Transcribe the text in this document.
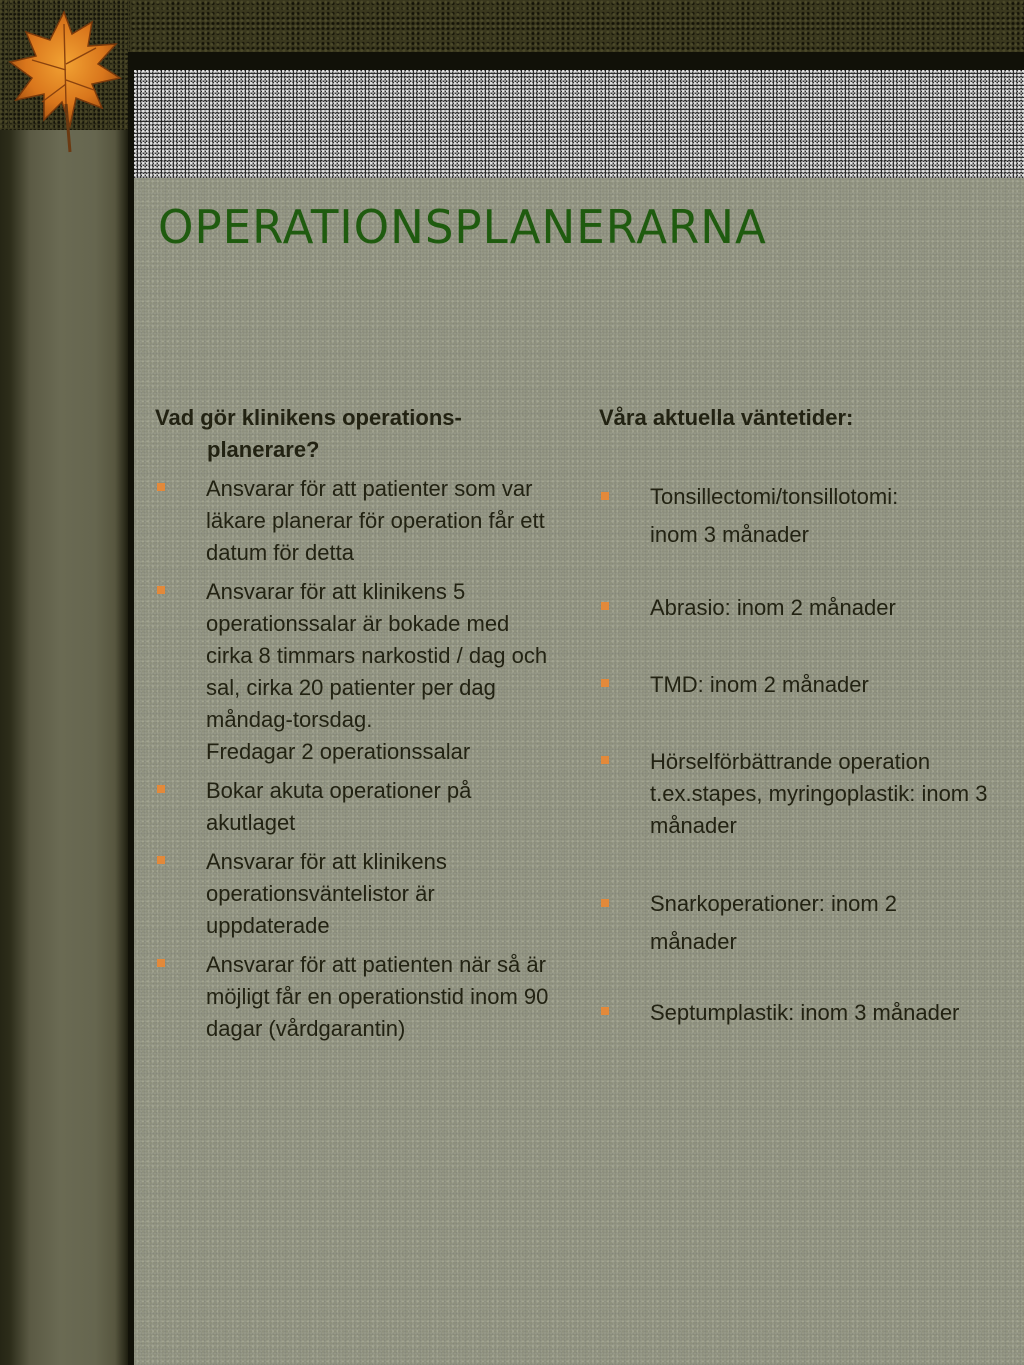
OPERATIONSPLANERARNA

Vad gör klinikens operations-planerare?

Ansvarar för att patienter som var läkare planerar för operation får ett datum för detta
Ansvarar för att klinikens 5 operationssalar är bokade med cirka 8 timmars narkostid / dag och sal, cirka 20 patienter per dag måndag-torsdag.
Fredagar 2 operationssalar
Bokar akuta operationer på akutlaget
Ansvarar för att klinikens operationsväntelistor är uppdaterade
Ansvarar för att patienten när så är möjligt får en operationstid inom 90 dagar (vårdgarantin)

Våra aktuella väntetider:

Tonsillectomi/tonsillotomi:
inom 3 månader
Abrasio: inom 2 månader
TMD: inom 2 månader
Hörselförbättrande operation t.ex.stapes, myringoplastik: inom 3 månader
Snarkoperationer: inom 2
månader
Septumplastik: inom 3 månader
